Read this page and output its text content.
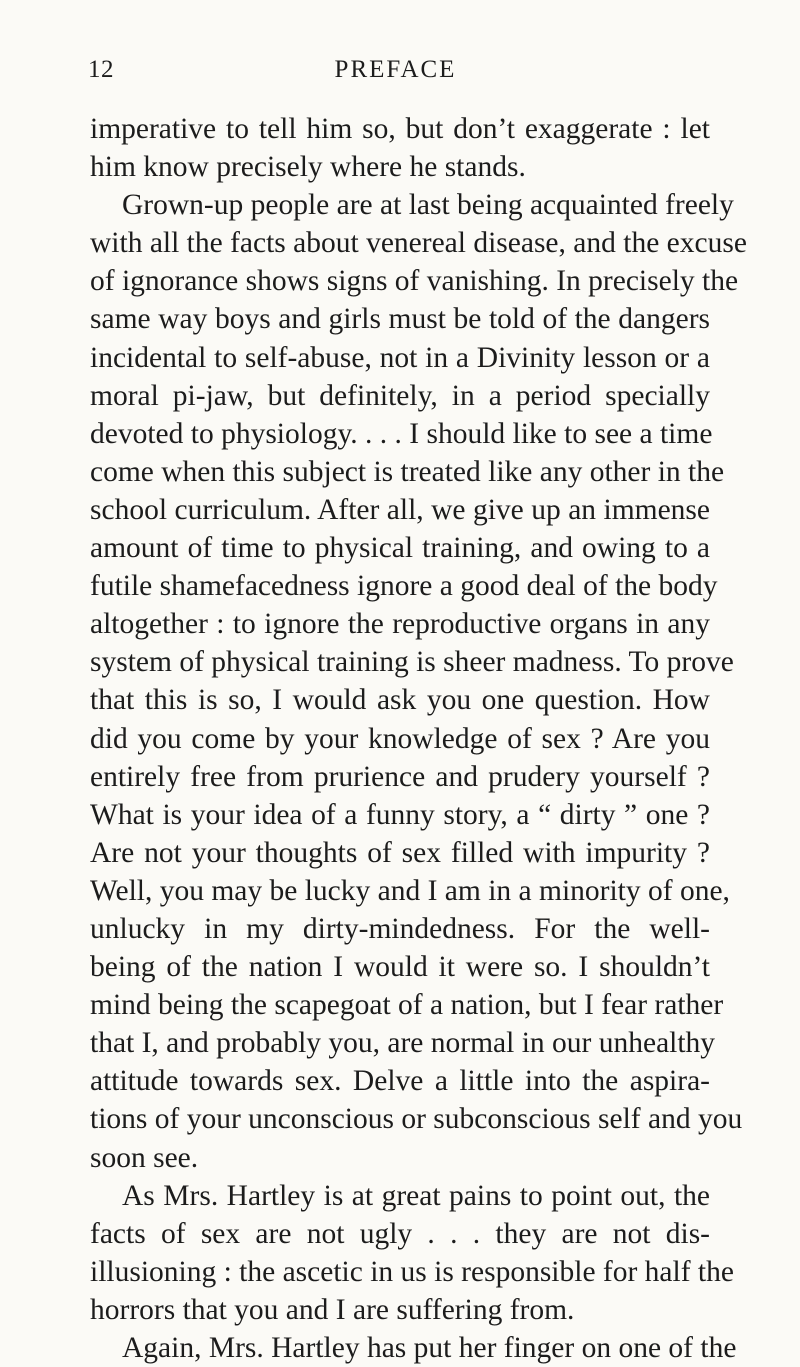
12	PREFACE
imperative to tell him so, but don’t exaggerate : let
him know precisely where he stands.
Grown-up people are at last being acquainted freely
with all the facts about venereal disease, and the excuse
of ignorance shows signs of vanishing. In precisely the
same way boys and girls must be told of the dangers
incidental to self-abuse, not in a Divinity lesson or a
moral pi-jaw, but definitely, in a period specially
devoted to physiology. . . . I should like to see a time
come when this subject is treated like any other in the
school curriculum. After all, we give up an immense
amount of time to physical training, and owing to a
futile shamefacedness ignore a good deal of the body
altogether : to ignore the reproductive organs in any
system of physical training is sheer madness. To prove
that this is so, I would ask you one question. How
did you come by your knowledge of sex ? Are you
entirely free from prurience and prudery yourself ?
What is your idea of a funny story, a “ dirty ” one ?
Are not your thoughts of sex filled with impurity ?
Well, you may be lucky and I am in a minority of one,
unlucky in my dirty-mindedness. For the well-
being of the nation I would it were so. I shouldn’t
mind being the scapegoat of a nation, but I fear rather
that I, and probably you, are normal in our unhealthy
attitude towards sex. Delve a little into the aspira-
tions of your unconscious or subconscious self and you
soon see.
As Mrs. Hartley is at great pains to point out, the
facts of sex are not ugly . . . they are not dis-
illusioning : the ascetic in us is responsible for half the
horrors that you and I are suffering from.
Again, Mrs. Hartley has put her finger on one of the
